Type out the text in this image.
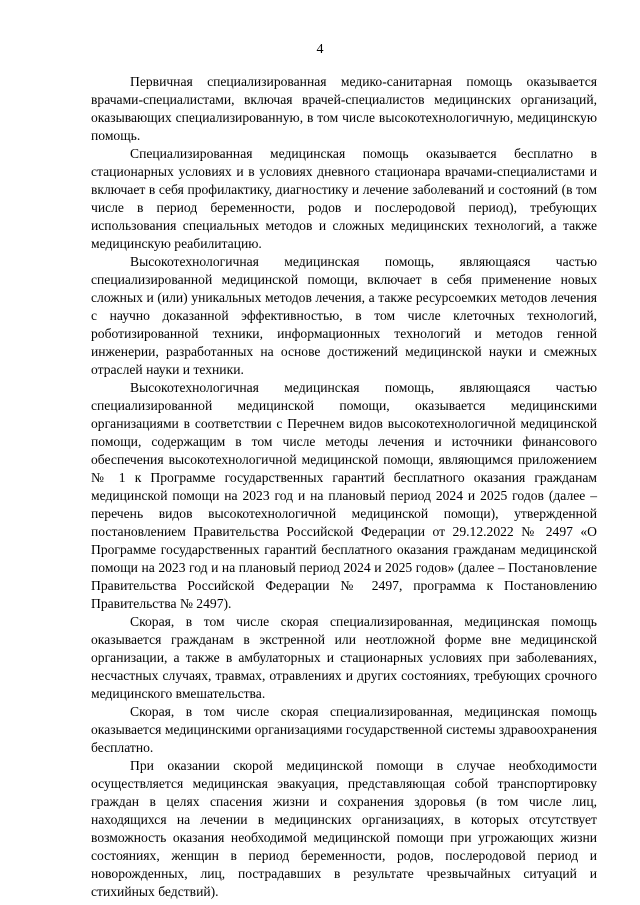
4

Первичная специализированная медико-санитарная помощь оказывается врачами-специалистами, включая врачей-специалистов медицинских организаций, оказывающих специализированную, в том числе высокотехнологичную, медицинскую помощь.

Специализированная медицинская помощь оказывается бесплатно в стационарных условиях и в условиях дневного стационара врачами-специалистами и включает в себя профилактику, диагностику и лечение заболеваний и состояний (в том числе в период беременности, родов и послеродовой период), требующих использования специальных методов и сложных медицинских технологий, а также медицинскую реабилитацию.

Высокотехнологичная медицинская помощь, являющаяся частью специализированной медицинской помощи, включает в себя применение новых сложных и (или) уникальных методов лечения, а также ресурсоемких методов лечения с научно доказанной эффективностью, в том числе клеточных технологий, роботизированной техники, информационных технологий и методов генной инженерии, разработанных на основе достижений медицинской науки и смежных отраслей науки и техники.

Высокотехнологичная медицинская помощь, являющаяся частью специализированной медицинской помощи, оказывается медицинскими организациями в соответствии с Перечнем видов высокотехнологичной медицинской помощи, содержащим в том числе методы лечения и источники финансового обеспечения высокотехнологичной медицинской помощи, являющимся приложением № 1 к Программе государственных гарантий бесплатного оказания гражданам медицинской помощи на 2023 год и на плановый период 2024 и 2025 годов (далее – перечень видов высокотехнологичной медицинской помощи), утвержденной постановлением Правительства Российской Федерации от 29.12.2022 № 2497 «О Программе государственных гарантий бесплатного оказания гражданам медицинской помощи на 2023 год и на плановый период 2024 и 2025 годов» (далее – Постановление Правительства Российской Федерации № 2497, программа к Постановлению Правительства № 2497).

Скорая, в том числе скорая специализированная, медицинская помощь оказывается гражданам в экстренной или неотложной форме вне медицинской организации, а также в амбулаторных и стационарных условиях при заболеваниях, несчастных случаях, травмах, отравлениях и других состояниях, требующих срочного медицинского вмешательства.

Скорая, в том числе скорая специализированная, медицинская помощь оказывается медицинскими организациями государственной системы здравоохранения бесплатно.

При оказании скорой медицинской помощи в случае необходимости осуществляется медицинская эвакуация, представляющая собой транспортировку граждан в целях спасения жизни и сохранения здоровья (в том числе лиц, находящихся на лечении в медицинских организациях, в которых отсутствует возможность оказания необходимой медицинской помощи при угрожающих жизни состояниях, женщин в период беременности, родов, послеродовой период и новорожденных, лиц, пострадавших в результате чрезвычайных ситуаций и стихийных бедствий).
